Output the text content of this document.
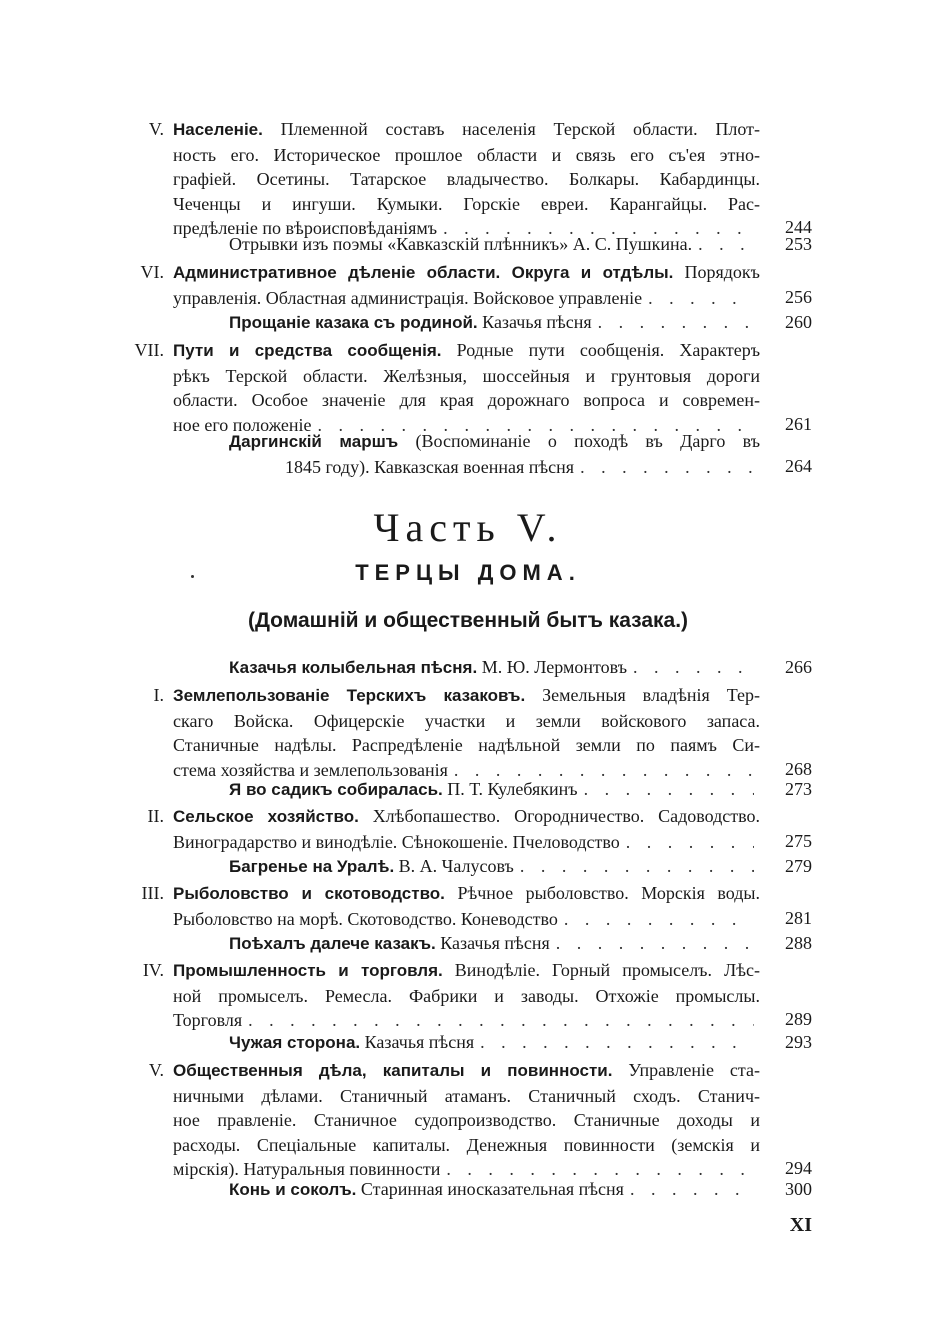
V. Населеніе. Племенной составъ населенія Терской области. Плот-
ность его. Историческое прошлое области и связь его съ'ея этно-
графіей. Осетины. Татарское владычество. Болкары. Кабардинцы.
Чеченцы и ингуши. Кумыки. Горскіе евреи. Карангайцы. Рас-
предѣленіе по вѣроисповѣданіямъ . . .	244
Отрывки изъ поэмы «Кавказскій плѣнникъ» А. С. Пушкина. . . .	253
VI. Административное дѣленіе области. Округа и отдѣлы. Порядокъ
управленія. Областная администрація. Войсковое управленіе . . .	256
Прощаніе казака съ родиной. Казачья пѣсня . . .	260
VII. Пути и средства сообщенія. Родные пути сообщенія. Характеръ
рѣкъ Терской области. Желѣзныя, шоссейныя и грунтовыя дороги
области. Особое значеніе для края дорожнаго вопроса и современ-
ное его положеніе . . .	261
Даргинскій маршъ (Воспоминаніе о походѣ въ Дарго въ
1845 году). Кавказская военная пѣсня . . .	264
Казачья колыбельная пѣсня. М. Ю. Лермонтовъ . . .	266
I. Землепользованіе Терскихъ казаковъ. Земельныя владѣнія Тер-
скаго Войска. Офицерскіе участки и земли войскового запаса.
Станичные надѣлы. Распредѣленіе надѣльной земли по паямъ Си-
стема хозяйства и землепользованія . . .	268
Я во садикъ собиралась. П. Т. Кулебякинъ . . .	273
II. Сельское хозяйство. Хлѣбопашество. Огородничество. Садоводство.
Виноградарство и винодѣліе. Сѣнокошеніе. Пчеловодство . . .	275
Багренье на Уралѣ. В. А. Чалусовъ . . .	279
III. Рыболовство и скотоводство. Рѣчное рыболовство. Морскія воды.
Рыболовство на морѣ. Скотоводство. Коневодство . . .	281
Поѣхалъ далече казакъ. Казачья пѣсня . . .	288
IV. Промышленность и торговля. Винодѣліе. Горный промыселъ. Лѣс-
ной промыселъ. Ремесла. Фабрики и заводы. Отхожіе промыслы.
Торговля . . .	289
Чужая сторона. Казачья пѣсня . . .	293
V. Общественныя дѣла, капиталы и повинности. Управленіе ста-
ничными дѣлами. Станичный атаманъ. Станичный сходъ. Станич-
ное правленіе. Станичное судопроизводство. Станичные доходы и
расходы. Спеціальные капиталы. Денежныя повинности (земскія и
мірскія). Натуральныя повинности . . .	294
Конь и соколъ. Старинная иносказательная пѣсня . . .	300
Часть V.
ТЕРЦЫ ДОМА.
(Домашній и общественный бытъ казака.)
XI
